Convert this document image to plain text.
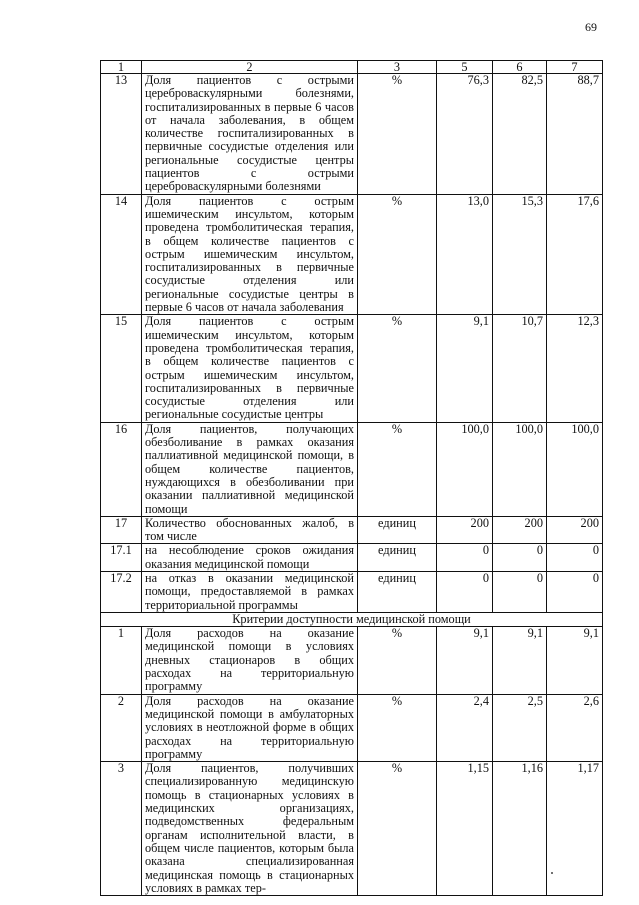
69
1	2	3	5	6	7
13	Доля пациентов с острыми цереброваскулярными болезнями, госпитализированных в первые 6 часов от начала заболевания, в общем количестве госпитализированных в первичные сосудистые отделения или региональные сосудистые центры пациентов с острыми цереброваскулярными болезнями	%	76,3	82,5	88,7
14	Доля пациентов с острым ишемическим инсультом, которым проведена тромболитическая терапия, в общем количестве пациентов с острым ишемическим инсультом, госпитализированных в первичные сосудистые отделения или региональные сосудистые центры в первые 6 часов от начала заболевания	%	13,0	15,3	17,6
15	Доля пациентов с острым ишемическим инсультом, которым проведена тромболитическая терапия, в общем количестве пациентов с острым ишемическим инсультом, госпитализированных в первичные сосудистые отделения или региональные сосудистые центры	%	9,1	10,7	12,3
16	Доля пациентов, получающих обезболивание в рамках оказания паллиативной медицинской помощи, в общем количестве пациентов, нуждающихся в обезболивании при оказании паллиативной медицинской помощи	%	100,0	100,0	100,0
17	Количество обоснованных жалоб, в том числе	единиц	200	200	200
17.1	на несоблюдение сроков ожидания оказания медицинской помощи	единиц	0	0	0
17.2	на отказ в оказании медицинской помощи, предоставляемой в рамках территориальной программы	единиц	0	0	0
Критерии доступности медицинской помощи					
1	Доля расходов на оказание медицинской помощи в условиях дневных стационаров в общих расходах на территориальную программу	%	9,1	9,1	9,1
2	Доля расходов на оказание медицинской помощи в амбулаторных условиях в неотложной форме в общих расходах на территориальную программу	%	2,4	2,5	2,6
3	Доля пациентов, получивших специализированную медицинскую помощь в стационарных условиях в медицинских организациях, подведомственных федеральным органам исполнительной власти, в общем числе пациентов, которым была оказана специализированная медицинская помощь в стационарных условиях в рамках тер-	%	1,15	1,16	1,17
